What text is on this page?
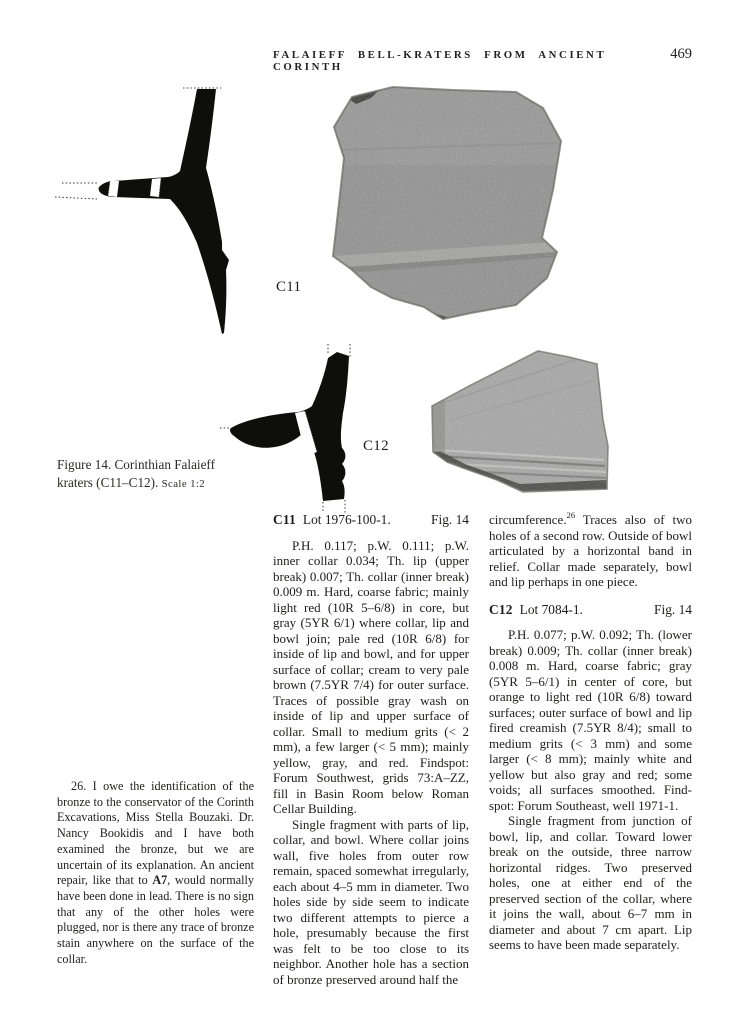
FALAIEFF BELL-KRATERS FROM ANCIENT CORINTH
469
C11
C12
Figure 14. Corinthian Falaieff
kraters (C11–C12). Scale 1:2
C11 Lot 1976-100-1.	Fig. 14

P.H. 0.117; p.W. 0.111; p.W. inner collar 0.034; Th. lip (upper break) 0.007; Th. collar (inner break) 0.009 m. Hard, coarse fabric; mainly light red (10R 5–6/8) in core, but gray (5YR 6/1) where collar, lip and bowl join; pale red (10R 6/8) for inside of lip and bowl, and for upper surface of collar; cream to very pale brown (7.5YR 7/4) for outer surface. Traces of possible gray wash on inside of lip and upper surface of collar. Small to medium grits (< 2 mm), a few larger (< 5 mm); mainly yellow, gray, and red. Findspot: Forum Southwest, grids 73:A–ZZ, fill in Basin Room below Roman Cellar Building.

Single fragment with parts of lip, collar, and bowl. Where collar joins wall, five holes from outer row remain, spaced somewhat irregularly, each about 4–5 mm in diameter. Two holes side by side seem to indicate two different attempts to pierce a hole, presumably because the first was felt to be too close to its neighbor. Another hole has a section of bronze preserved around half the

circumference.$^{26}$ Traces also of two holes of a second row. Outside of bowl articulated by a horizontal band in relief. Collar made separately, bowl and lip perhaps in one piece.

C12 Lot 7084-1.	Fig. 14

P.H. 0.077; p.W. 0.092; Th. (lower break) 0.009; Th. collar (inner break) 0.008 m. Hard, coarse fabric; gray (5YR 5–6/1) in center of core, but orange to light red (10R 6/8) toward surfaces; outer surface of bowl and lip fired creamish (7.5YR 8/4); small to medium grits (< 3 mm) and some larger (< 8 mm); mainly white and yellow but also gray and red; some voids; all surfaces smoothed. Find-spot: Forum Southeast, well 1971-1.

Single fragment from junction of bowl, lip, and collar. Toward lower break on the outside, three narrow horizontal ridges. Two preserved holes, one at either end of the preserved section of the collar, where it joins the wall, about 6–7 mm in diameter and about 7 cm apart. Lip seems to have been made separately.

26. I owe the identification of the bronze to the conservator of the Corinth Excavations, Miss Stella Bouzaki. Dr. Nancy Bookidis and I have both examined the bronze, but we are uncertain of its explanation. An ancient repair, like that to A7, would normally have been done in lead. There is no sign that any of the other holes were plugged, nor is there any trace of bronze stain anywhere on the surface of the collar.
